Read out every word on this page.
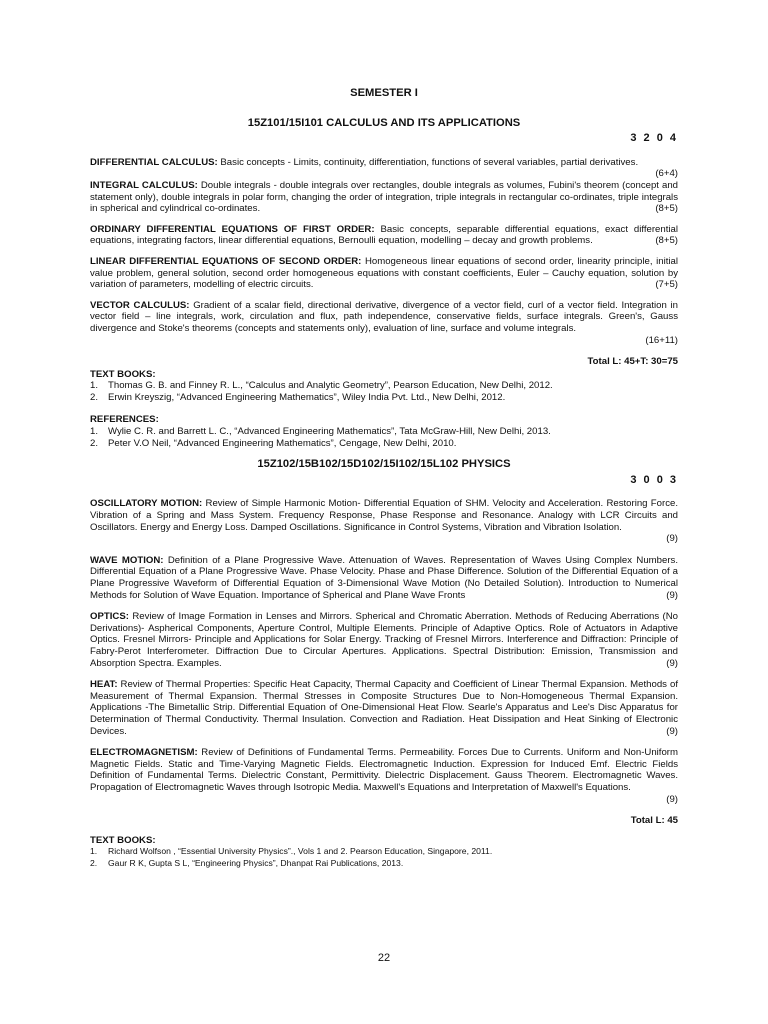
SEMESTER I
15Z101/15I101 CALCULUS AND ITS APPLICATIONS
3 2 0 4

DIFFERENTIAL CALCULUS: Basic concepts - Limits, continuity, differentiation, functions of several variables, partial derivatives.

(6+4)

INTEGRAL CALCULUS: Double integrals - double integrals over rectangles, double integrals as volumes, Fubini's theorem (concept and statement only), double integrals in polar form, changing the order of integration, triple integrals in rectangular co-ordinates, triple integrals in spherical and cylindrical co-ordinates.	(8+5)

ORDINARY DIFFERENTIAL EQUATIONS OF FIRST ORDER: Basic concepts, separable differential equations, exact differential equations, integrating factors, linear differential equations, Bernoulli equation, modelling – decay and growth problems.	(8+5)

LINEAR DIFFERENTIAL EQUATIONS OF SECOND ORDER: Homogeneous linear equations of second order, linearity principle, initial value problem, general solution, second order homogeneous equations with constant coefficients, Euler – Cauchy equation, solution by variation of parameters, modelling of electric circuits.	(7+5)

VECTOR CALCULUS: Gradient of a scalar field, directional derivative, divergence of a vector field, curl of a vector field. Integration in vector field – line integrals, work, circulation and flux, path independence, conservative fields, surface integrals. Green's, Gauss divergence and Stoke's theorems (concepts and statements only), evaluation of line, surface and volume integrals.

(16+11)
Total L: 45+T: 30=75
TEXT BOOKS:
1.	Thomas G. B. and Finney R. L., “Calculus and Analytic Geometry”, Pearson Education, New Delhi, 2012.
2.	Erwin Kreyszig, “Advanced Engineering Mathematics”, Wiley India Pvt. Ltd., New Delhi, 2012.
REFERENCES:
1.	Wylie C. R. and Barrett L. C., “Advanced Engineering Mathematics”, Tata McGraw-Hill, New Delhi, 2013.
2.	Peter V.O Neil, “Advanced Engineering Mathematics”, Cengage, New Delhi, 2010.
15Z102/15B102/15D102/15I102/15L102 PHYSICS
3 0 0 3

OSCILLATORY MOTION: Review of Simple Harmonic Motion- Differential Equation of SHM. Velocity and Acceleration. Restoring Force. Vibration of a Spring and Mass System. Frequency Response, Phase Response and Resonance. Analogy with LCR Circuits and Oscillators. Energy and Energy Loss. Damped Oscillations. Significance in Control Systems, Vibration and Vibration Isolation.

(9)

WAVE MOTION: Definition of a Plane Progressive Wave. Attenuation of Waves. Representation of Waves Using Complex Numbers. Differential Equation of a Plane Progressive Wave. Phase Velocity. Phase and Phase Difference. Solution of the Differential Equation of a Plane Progressive Waveform of Differential Equation of 3-Dimensional Wave Motion (No Detailed Solution). Introduction to Numerical Methods for Solution of Wave Equation. Importance of Spherical and Plane Wave Fronts	(9)

OPTICS: Review of Image Formation in Lenses and Mirrors. Spherical and Chromatic Aberration. Methods of Reducing Aberrations (No Derivations)- Aspherical Components, Aperture Control, Multiple Elements. Principle of Adaptive Optics. Role of Actuators in Adaptive Optics. Fresnel Mirrors- Principle and Applications for Solar Energy. Tracking of Fresnel Mirrors. Interference and Diffraction: Principle of Fabry-Perot Interferometer. Diffraction Due to Circular Apertures. Applications. Spectral Distribution: Emission, Transmission and Absorption Spectra. Examples.	(9)

HEAT: Review of Thermal Properties: Specific Heat Capacity, Thermal Capacity and Coefficient of Linear Thermal Expansion. Methods of Measurement of Thermal Expansion. Thermal Stresses in Composite Structures Due to Non-Homogeneous Thermal Expansion. Applications -The Bimetallic Strip. Differential Equation of One-Dimensional Heat Flow. Searle's Apparatus and Lee's Disc Apparatus for Determination of Thermal Conductivity. Thermal Insulation. Convection and Radiation. Heat Dissipation and Heat Sinking of Electronic Devices.	(9)

ELECTROMAGNETISM: Review of Definitions of Fundamental Terms. Permeability. Forces Due to Currents. Uniform and Non-Uniform Magnetic Fields. Static and Time-Varying Magnetic Fields. Electromagnetic Induction. Expression for Induced Emf. Electric Fields Definition of Fundamental Terms. Dielectric Constant, Permittivity. Dielectric Displacement. Gauss Theorem. Electromagnetic Waves. Propagation of Electromagnetic Waves through Isotropic Media. Maxwell's Equations and Interpretation of Maxwell's Equations.

(9)
Total L: 45
TEXT BOOKS:
1.	Richard Wolfson , “Essential University Physics”., Vols 1 and 2. Pearson Education, Singapore, 2011.
2.	Gaur R K, Gupta S L, “Engineering Physics”, Dhanpat Rai Publications, 2013.
22
